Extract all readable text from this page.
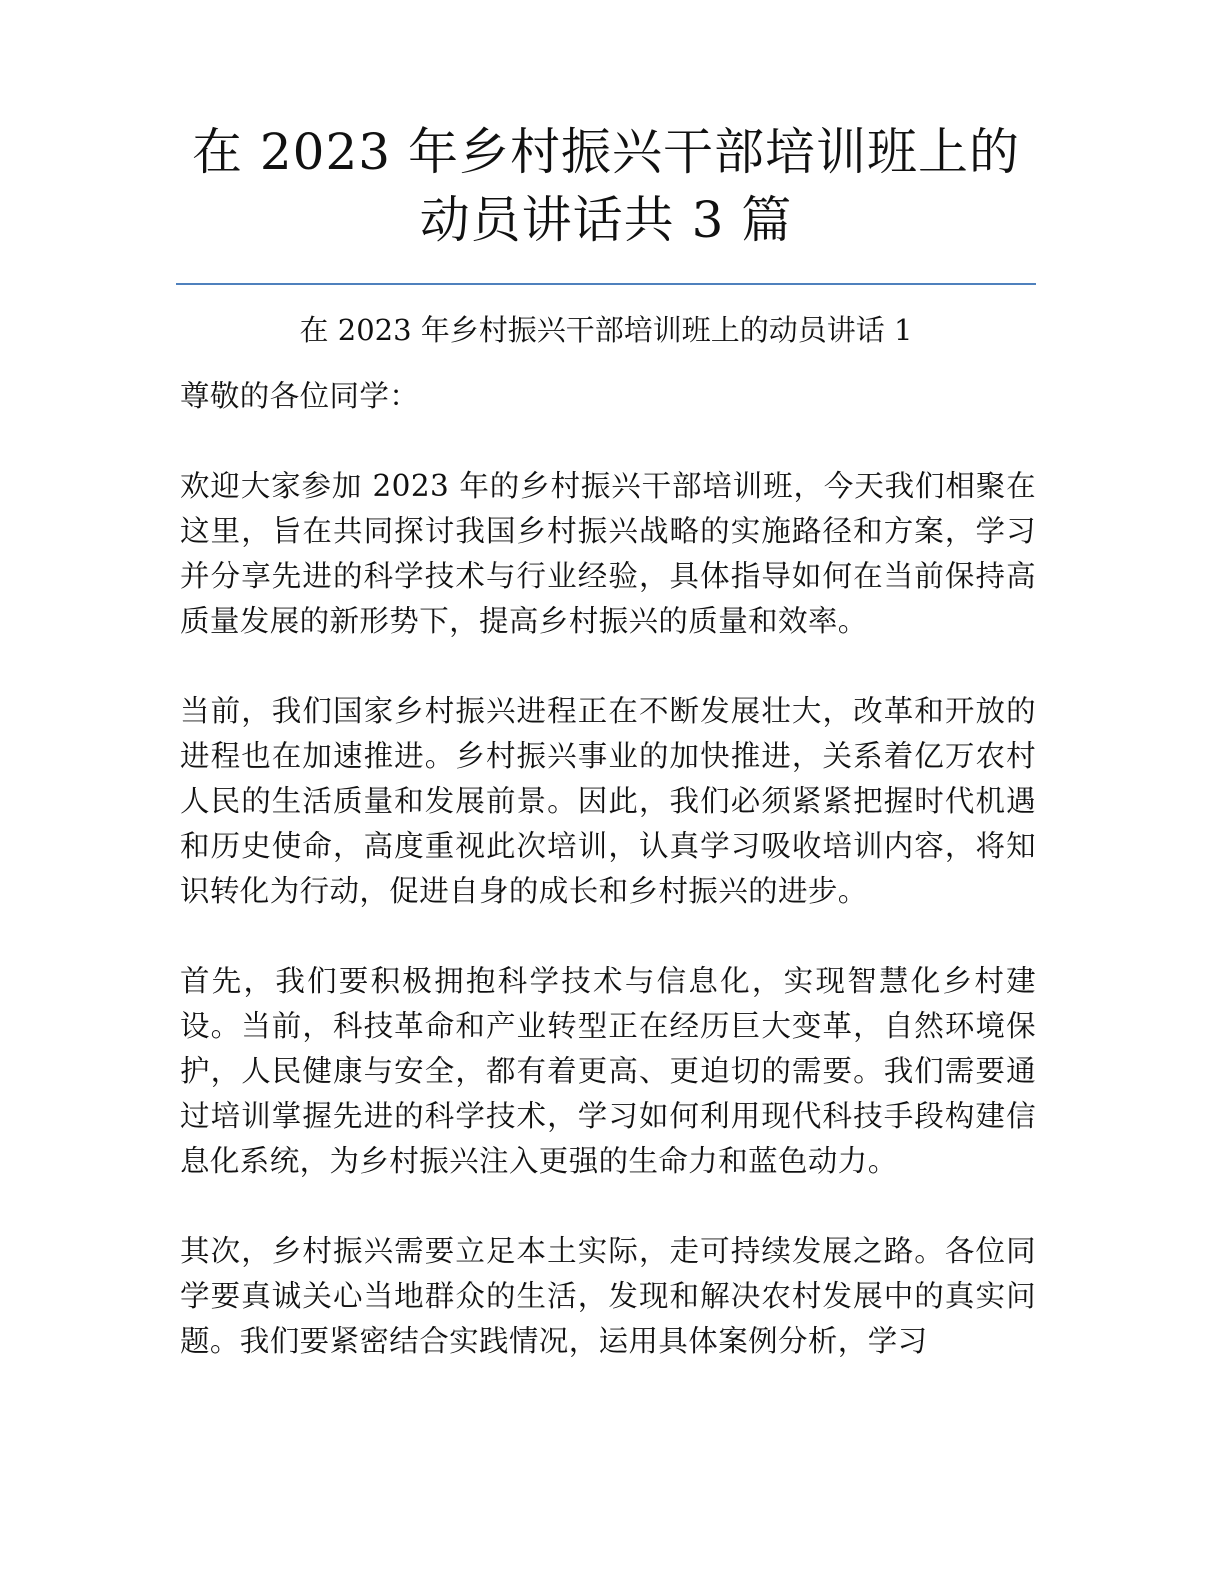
在 2023 年乡村振兴干部培训班上的动员讲话共 3 篇
在 2023 年乡村振兴干部培训班上的动员讲话 1

尊敬的各位同学：

欢迎大家参加 2023 年的乡村振兴干部培训班，今天我们相聚在这里，旨在共同探讨我国乡村振兴战略的实施路径和方案，学习并分享先进的科学技术与行业经验，具体指导如何在当前保持高质量发展的新形势下，提高乡村振兴的质量和效率。

当前，我们国家乡村振兴进程正在不断发展壮大，改革和开放的进程也在加速推进。乡村振兴事业的加快推进，关系着亿万农村人民的生活质量和发展前景。因此，我们必须紧紧把握时代机遇和历史使命，高度重视此次培训，认真学习吸收培训内容，将知识转化为行动，促进自身的成长和乡村振兴的进步。

首先，我们要积极拥抱科学技术与信息化，实现智慧化乡村建设。当前，科技革命和产业转型正在经历巨大变革，自然环境保护，人民健康与安全，都有着更高、更迫切的需要。我们需要通过培训掌握先进的科学技术，学习如何利用现代科技手段构建信息化系统，为乡村振兴注入更强的生命力和蓝色动力。

其次，乡村振兴需要立足本土实际，走可持续发展之路。各位同学要真诚关心当地群众的生活，发现和解决农村发展中的真实问题。我们要紧密结合实践情况，运用具体案例分析，学习
